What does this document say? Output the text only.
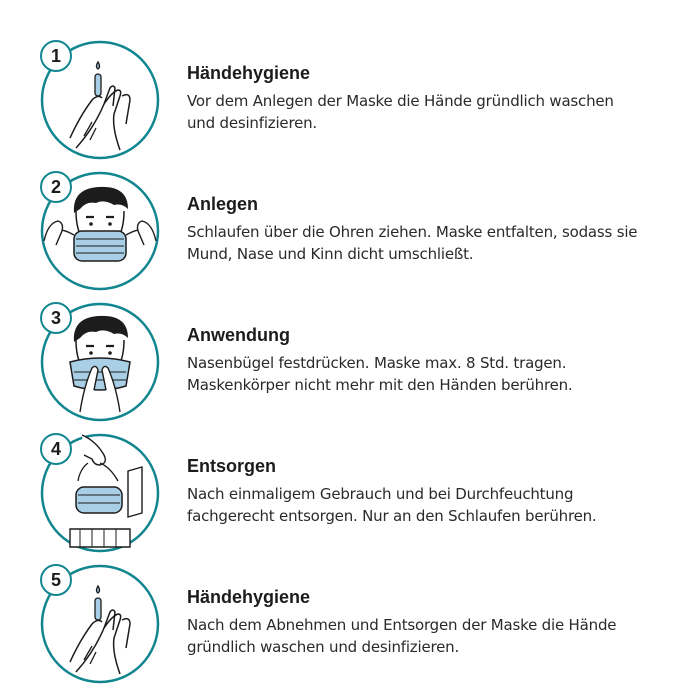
1
Händehygiene

Vor dem Anlegen der Maske die Hände gründlich waschen
und desinfizieren.

2
Anlegen

Schlaufen über die Ohren ziehen. Maske entfalten, sodass sie
Mund, Nase und Kinn dicht umschließt.

3
Anwendung

Nasenbügel festdrücken. Maske max. 8 Std. tragen.
Maskenkörper nicht mehr mit den Händen berühren.

4
Entsorgen

Nach einmaligem Gebrauch und bei Durchfeuchtung
fachgerecht entsorgen. Nur an den Schlaufen berühren.

5
Händehygiene

Nach dem Abnehmen und Entsorgen der Maske die Hände
gründlich waschen und desinfizieren.
